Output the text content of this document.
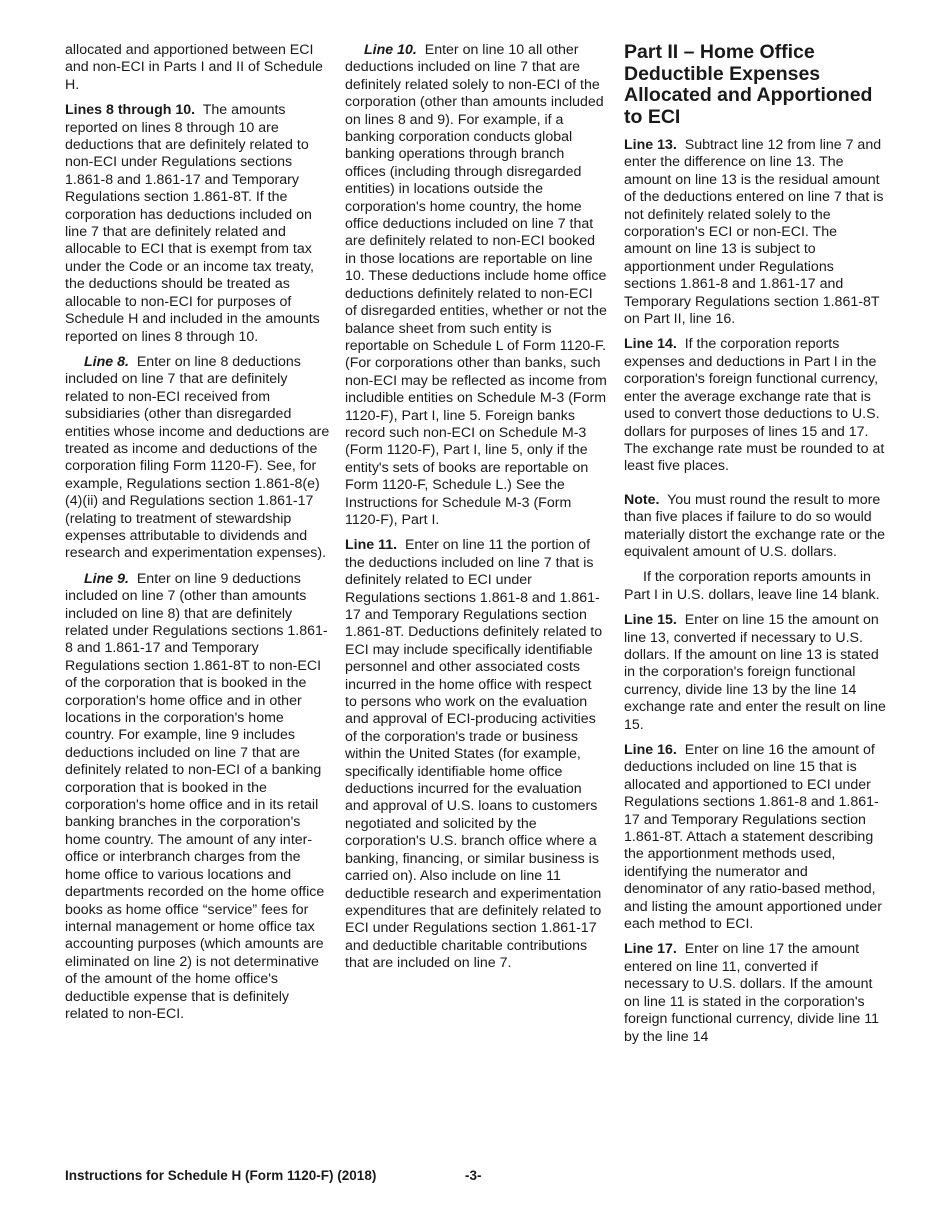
allocated and apportioned between ECI and non-ECI in Parts I and II of Schedule H.

Lines 8 through 10. The amounts reported on lines 8 through 10 are deductions that are definitely related to non-ECI under Regulations sections 1.861-8 and 1.861-17 and Temporary Regulations section 1.861-8T. If the corporation has deductions included on line 7 that are definitely related and allocable to ECI that is exempt from tax under the Code or an income tax treaty, the deductions should be treated as allocable to non-ECI for purposes of Schedule H and included in the amounts reported on lines 8 through 10.

Line 8. Enter on line 8 deductions included on line 7 that are definitely related to non-ECI received from subsidiaries (other than disregarded entities whose income and deductions are treated as income and deductions of the corporation filing Form 1120-F). See, for example, Regulations section 1.861-8(e)(4)(ii) and Regulations section 1.861-17 (relating to treatment of stewardship expenses attributable to dividends and research and experimentation expenses).

Line 9. Enter on line 9 deductions included on line 7 (other than amounts included on line 8) that are definitely related under Regulations sections 1.861-8 and 1.861-17 and Temporary Regulations section 1.861-8T to non-ECI of the corporation that is booked in the corporation's home office and in other locations in the corporation's home country. For example, line 9 includes deductions included on line 7 that are definitely related to non-ECI of a banking corporation that is booked in the corporation's home office and in its retail banking branches in the corporation's home country. The amount of any inter-office or interbranch charges from the home office to various locations and departments recorded on the home office books as home office “service” fees for internal management or home office tax accounting purposes (which amounts are eliminated on line 2) is not determinative of the amount of the home office's deductible expense that is definitely related to non-ECI.

Line 10. Enter on line 10 all other deductions included on line 7 that are definitely related solely to non-ECI of the corporation (other than amounts included on lines 8 and 9). For example, if a banking corporation conducts global banking operations through branch offices (including through disregarded entities) in locations outside the corporation's home country, the home office deductions included on line 7 that are definitely related to non-ECI booked in those locations are reportable on line 10. These deductions include home office deductions definitely related to non-ECI of disregarded entities, whether or not the balance sheet from such entity is reportable on Schedule L of Form 1120-F. (For corporations other than banks, such non-ECI may be reflected as income from includible entities on Schedule M-3 (Form 1120-F), Part I, line 5. Foreign banks record such non-ECI on Schedule M-3 (Form 1120-F), Part I, line 5, only if the entity's sets of books are reportable on Form 1120-F, Schedule L.) See the Instructions for Schedule M-3 (Form 1120-F), Part I.

Line 11. Enter on line 11 the portion of the deductions included on line 7 that is definitely related to ECI under Regulations sections 1.861-8 and 1.861-17 and Temporary Regulations section 1.861-8T. Deductions definitely related to ECI may include specifically identifiable personnel and other associated costs incurred in the home office with respect to persons who work on the evaluation and approval of ECI-producing activities of the corporation's trade or business within the United States (for example, specifically identifiable home office deductions incurred for the evaluation and approval of U.S. loans to customers negotiated and solicited by the corporation's U.S. branch office where a banking, financing, or similar business is carried on). Also include on line 11 deductible research and experimentation expenditures that are definitely related to ECI under Regulations section 1.861-17 and deductible charitable contributions that are included on line 7.

Part II – Home Office Deductible Expenses Allocated and Apportioned to ECI

Line 13. Subtract line 12 from line 7 and enter the difference on line 13. The amount on line 13 is the residual amount of the deductions entered on line 7 that is not definitely related solely to the corporation's ECI or non-ECI. The amount on line 13 is subject to apportionment under Regulations sections 1.861-8 and 1.861-17 and Temporary Regulations section 1.861-8T on Part II, line 16.

Line 14. If the corporation reports expenses and deductions in Part I in the corporation's foreign functional currency, enter the average exchange rate that is used to convert those deductions to U.S. dollars for purposes of lines 15 and 17. The exchange rate must be rounded to at least five places.

Note. You must round the result to more than five places if failure to do so would materially distort the exchange rate or the equivalent amount of U.S. dollars.

If the corporation reports amounts in Part I in U.S. dollars, leave line 14 blank.

Line 15. Enter on line 15 the amount on line 13, converted if necessary to U.S. dollars. If the amount on line 13 is stated in the corporation's foreign functional currency, divide line 13 by the line 14 exchange rate and enter the result on line 15.

Line 16. Enter on line 16 the amount of deductions included on line 15 that is allocated and apportioned to ECI under Regulations sections 1.861-8 and 1.861-17 and Temporary Regulations section 1.861-8T. Attach a statement describing the apportionment methods used, identifying the numerator and denominator of any ratio-based method, and listing the amount apportioned under each method to ECI.

Line 17. Enter on line 17 the amount entered on line 11, converted if necessary to U.S. dollars. If the amount on line 11 is stated in the corporation's foreign functional currency, divide line 11 by the line 14

Instructions for Schedule H (Form 1120-F) (2018)	-3-
